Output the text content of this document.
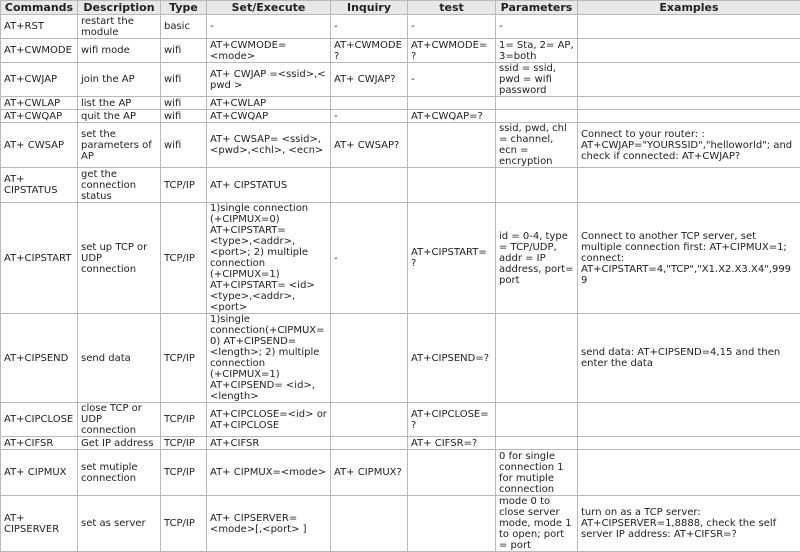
Commands	Description	Type	Set/Execute	Inquiry	test	Parameters	Examples
AT+RST	restart the module	basic	-	-	-	-	
AT+CWMODE	wifi mode	wifi	AT+CWMODE=<mode>	AT+CWMODE?	AT+CWMODE=?	1= Sta, 2= AP, 3=both	
AT+CWJAP	join the AP	wifi	AT+ CWJAP =<ssid>,< pwd >	AT+ CWJAP?	-	ssid = ssid, pwd = wifi password	
AT+CWLAP	list the AP	wifi	AT+CWLAP				
AT+CWQAP	quit the AP	wifi	AT+CWQAP	-	AT+CWQAP=?		
AT+ CWSAP	set the parameters of AP	wifi	AT+ CWSAP= <ssid>,<pwd>,<chl>, <ecn>	AT+ CWSAP?		ssid, pwd, chl = channel, ecn = encryption	Connect to your router: : AT+CWJAP="YOURSSID","helloworld"; and check if connected: AT+CWJAP?
AT+ CIPSTATUS	get the connection status	TCP/IP	AT+ CIPSTATUS				
AT+CIPSTART	set up TCP or UDP connection	TCP/IP	1)single connection (+CIPMUX=0) AT+CIPSTART= <type>,<addr>,<port>; 2) multiple connection (+CIPMUX=1) AT+CIPSTART= <id><type>,<addr>, <port>	-	AT+CIPSTART=?	id = 0-4, type = TCP/UDP, addr = IP address, port= port	Connect to another TCP server, set multiple connection first: AT+CIPMUX=1; connect: AT+CIPSTART=4,"TCP","X1.X2.X3.X4",9999
AT+CIPSEND	send data	TCP/IP	1)single connection(+CIPMUX=0) AT+CIPSEND=<length>; 2) multiple connection (+CIPMUX=1) AT+CIPSEND= <id>,<length>		AT+CIPSEND=?		send data: AT+CIPSEND=4,15 and then enter the data
AT+CIPCLOSE	close TCP or UDP connection	TCP/IP	AT+CIPCLOSE=<id> or AT+CIPCLOSE		AT+CIPCLOSE=?		
AT+CIFSR	Get IP address	TCP/IP	AT+CIFSR		AT+ CIFSR=?		
AT+ CIPMUX	set mutiple connection	TCP/IP	AT+ CIPMUX=<mode>	AT+ CIPMUX?		0 for single connection 1 for mutiple connection	
AT+ CIPSERVER	set as server	TCP/IP	AT+ CIPSERVER= <mode>[,<port> ]			mode 0 to close server mode, mode 1 to open; port = port	turn on as a TCP server: AT+CIPSERVER=1,8888, check the self server IP address: AT+CIFSR=?
